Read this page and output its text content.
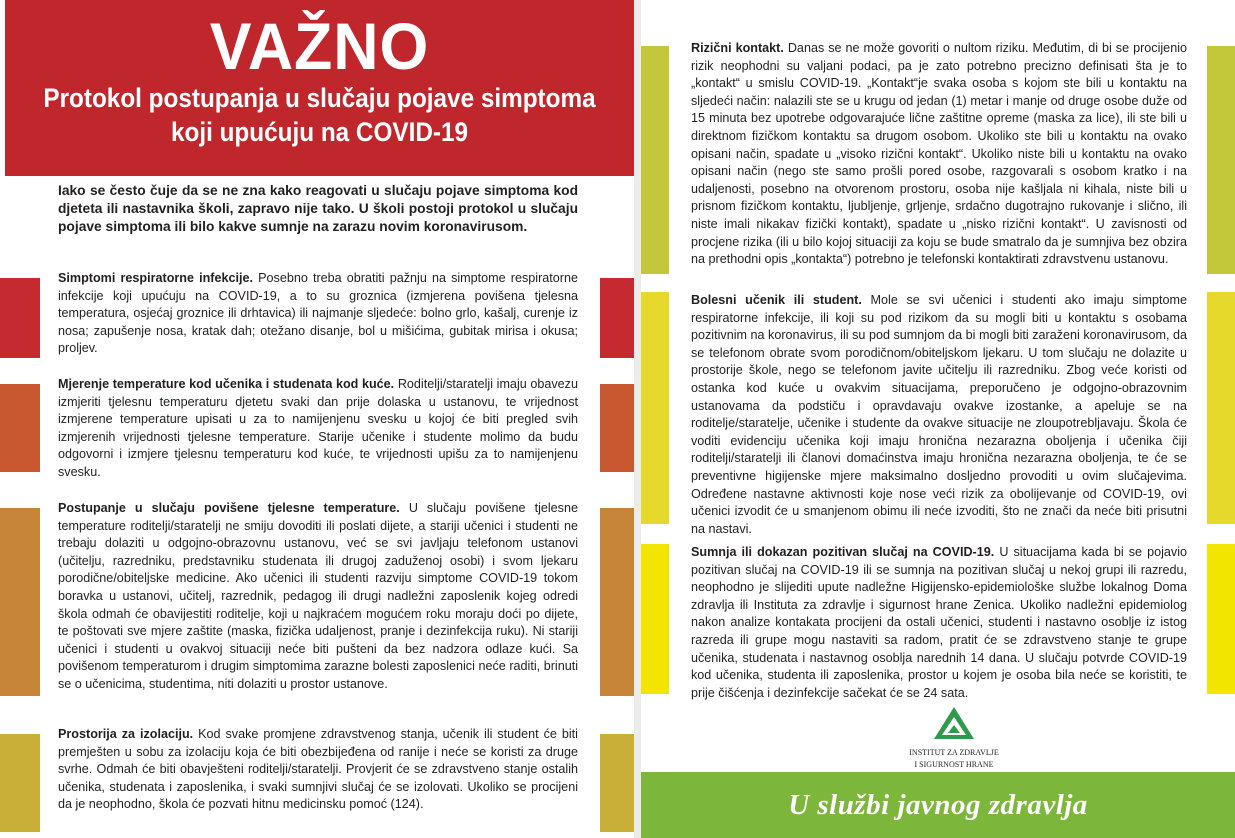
VAŽNO
Protokol postupanja u slučaju pojave simptoma
koji upućuju na COVID-19
Iako se često čuje da se ne zna kako reagovati u slučaju pojave simptoma kod djeteta ili nastavnika školi, zapravo nije tako. U školi postoji protokol u slučaju pojave simptoma ili bilo kakve sumnje na zarazu novim koronavirusom.
Simptomi respiratorne infekcije. Posebno treba obratiti pažnju na simptome respiratorne infekcije koji upućuju na COVID-19, a to su groznica (izmjerena povišena tjelesna temperatura, osjećaj groznice ili drhtavica) ili najmanje sljedeće: bolno grlo, kašalj, curenje iz nosa; zapušenje nosa, kratak dah; otežano disanje, bol u mišićima, gubitak mirisa i okusa; proljev.
Mjerenje temperature kod učenika i studenata kod kuće. Roditelji/staratelji imaju obavezu izmjeriti tjelesnu temperaturu djetetu svaki dan prije dolaska u ustanovu, te vrijednost izmjerene temperature upisati u za to namijenjenu svesku u kojoj će biti pregled svih izmjerenih vrijednosti tjelesne temperature. Starije učenike i studente molimo da budu odgovorni i izmjere tjelesnu temperaturu kod kuće, te vrijednosti upišu za to namijenjenu svesku.
Postupanje u slučaju povišene tjelesne temperature. U slučaju povišene tjelesne temperature roditelji/staratelji ne smiju dovoditi ili poslati dijete, a stariji učenici i studenti ne trebaju dolaziti u odgojno-obrazovnu ustanovu, već se svi javljaju telefonom ustanovi (učitelju, razredniku, predstavniku studenata ili drugoj zaduženoj osobi) i svom ljekaru porodične/obiteljske medicine. Ako učenici ili studenti razviju simptome COVID-19 tokom boravka u ustanovi, učitelj, razrednik, pedagog ili drugi nadležni zaposlenik kojeg odredi škola odmah će obavijestiti roditelje, koji u najkraćem mogućem roku moraju doći po dijete, te poštovati sve mjere zaštite (maska, fizička udaljenost, pranje i dezinfekcija ruku). Ni stariji učenici i studenti u ovakvoj situaciji neće biti pušteni da bez nadzora odlaze kući. Sa povišenom temperaturom i drugim simptomima zarazne bolesti zaposlenici neće raditi, brinuti se o učenicima, studentima, niti dolaziti u prostor ustanove.
Prostorija za izolaciju. Kod svake promjene zdravstvenog stanja, učenik ili student će biti premješten u sobu za izolaciju koja će biti obezbijeđena od ranije i neće se koristi za druge svrhe. Odmah će biti obavješteni roditelji/staratelji. Provjerit će se zdravstveno stanje ostalih učenika, studenata i zaposlenika, i svaki sumnjivi slučaj će se izolovati. Ukoliko se procijeni da je neophodno, škola će pozvati hitnu medicinsku pomoć (124).
Rizični kontakt. Danas se ne može govoriti o nultom riziku. Međutim, di bi se procijenio rizik neophodni su valjani podaci, pa je zato potrebno precizno definisati šta je to „kontakt“ u smislu COVID-19. „Kontakt“je svaka osoba s kojom ste bili u kontaktu na sljedeći način: nalazili ste se u krugu od jedan (1) metar i manje od druge osobe duže od 15 minuta bez upotrebe odgovarajuće lične zaštitne opreme (maska za lice), ili ste bili u direktnom fizičkom kontaktu sa drugom osobom. Ukoliko ste bili u kontaktu na ovako opisani način, spadate u „visoko rizični kontakt“. Ukoliko niste bili u kontaktu na ovako opisani način (nego ste samo prošli pored osobe, razgovarali s osobom kratko i na udaljenosti, posebno na otvorenom prostoru, osoba nije kašljala ni kihala, niste bili u prisnom fizičkom kontaktu, ljubljenje, grljenje, srdačno dugotrajno rukovanje i slično, ili niste imali nikakav fizički kontakt), spadate u „nisko rizični kontakt“. U zavisnosti od procjene rizika (ili u bilo kojoj situaciji za koju se bude smatralo da je sumnjiva bez obzira na prethodni opis „kontakta“) potrebno je telefonski kontaktirati zdravstvenu ustanovu.
Bolesni učenik ili student. Mole se svi učenici i studenti ako imaju simptome respiratorne infekcije, ili koji su pod rizikom da su mogli biti u kontaktu s osobama pozitivnim na koronavirus, ili su pod sumnjom da bi mogli biti zaraženi koronavirusom, da se telefonom obrate svom porodičnom/obiteljskom ljekaru. U tom slučaju ne dolazite u prostorije škole, nego se telefonom javite učitelju ili razredniku. Zbog veće koristi od ostanka kod kuće u ovakvim situacijama, preporučeno je odgojno-obrazovnim ustanovama da podstiču i opravdavaju ovakve izostanke, a apeluje se na roditelje/staratelje, učenike i studente da ovakve situacije ne zloupotrebljavaju. Škola će voditi evidenciju učenika koji imaju hronična nezarazna oboljenja i učenika čiji roditelji/staratelji ili članovi domaćinstva imaju hronična nezarazna oboljenja, te će se preventivne higijenske mjere maksimalno dosljedno provoditi u ovim slučajevima. Određene nastavne aktivnosti koje nose veći rizik za obolijevanje od COVID-19, ovi učenici izvodit će u smanjenom obimu ili neće izvoditi, što ne znači da neće biti prisutni na nastavi.
Sumnja ili dokazan pozitivan slučaj na COVID-19. U situacijama kada bi se pojavio pozitivan slučaj na COVID-19 ili se sumnja na pozitivan slučaj u nekoj grupi ili razredu, neophodno je slijediti upute nadležne Higijensko-epidemiološke službe lokalnog Doma zdravlja ili Instituta za zdravlje i sigurnost hrane Zenica. Ukoliko nadležni epidemiolog nakon analize kontakata procijeni da ostali učenici, studenti i nastavno osoblje iz istog razreda ili grupe mogu nastaviti sa radom, pratit će se zdravstveno stanje te grupe učenika, studenata i nastavnog osoblja narednih 14 dana. U slučaju potvrde COVID-19 kod učenika, studenta ili zaposlenika, prostor u kojem je osoba bila neće se koristiti, te prije čišćenja i dezinfekcije sačekat će se 24 sata.
INSTITUT ZA ZDRAVLJE
I SIGURNOST HRANE
U službi javnog zdravlja
